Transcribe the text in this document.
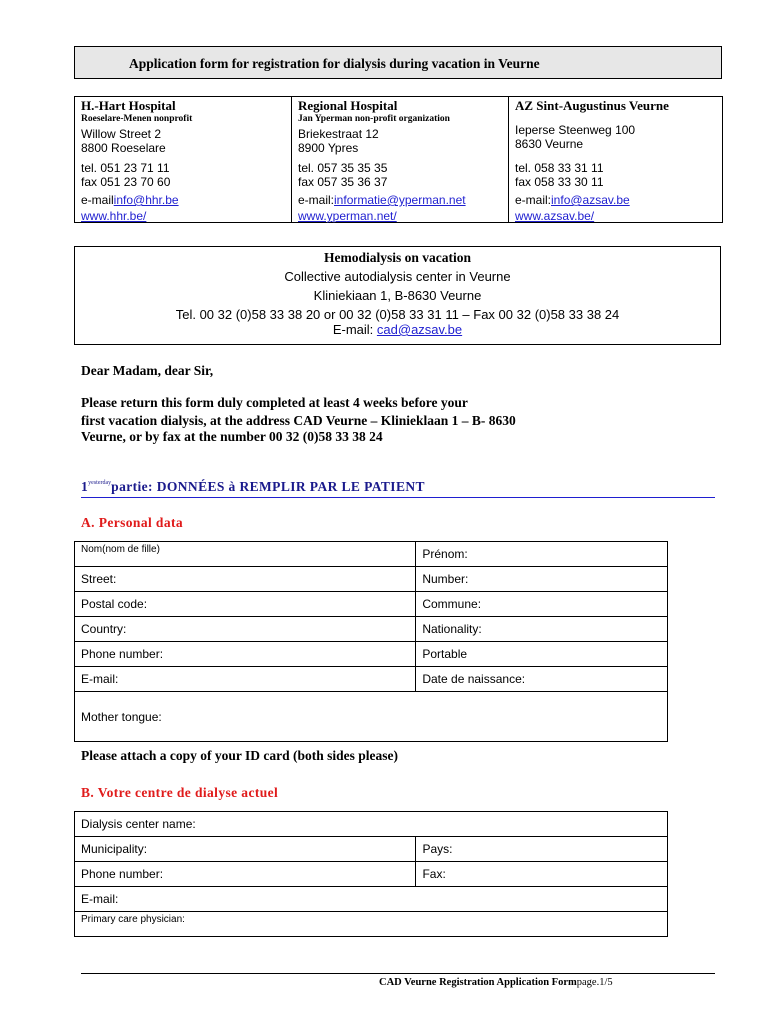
Application form for registration for dialysis during vacation in Veurne
H.-Hart Hospital
Roeselare-Menen nonprofit
Willow Street 2
8800 Roeselare
tel. 051 23 71 11
fax 051 23 70 60
e-mailinfo@hhr.be
www.hhr.be/
Regional Hospital
Jan Yperman non-profit organization
Briekestraat 12
8900 Ypres
tel. 057 35 35 35
fax 057 35 36 37
e-mail:informatie@yperman.net
www.yperman.net/
AZ Sint-Augustinus Veurne
Ieperse Steenweg 100
8630 Veurne
tel. 058 33 31 11
fax 058 33 30 11
e-mail:info@azsav.be
www.azsav.be/
Hemodialysis on vacation
Collective autodialysis center in Veurne
Kliniekiaan 1, B-8630 Veurne
Tel. 00 32 (0)58 33 38 20 or 00 32 (0)58 33 31 11 – Fax 00 32 (0)58 33 38 24
E-mail: cad@azsav.be
Dear Madam, dear Sir,
Please return this form duly completed at least 4 weeks before your
first vacation dialysis, at the address CAD Veurne – Klinieklaan 1 – B- 8630
Veurne, or by fax at the number 00 32 (0)58 33 38 24
$1^{yesterday}partie$: DONNÉES à REMPLIR PAR LE PATIENT
A. Personal data
Nom(nom de fille)	Prénom:
Street:	Number:
Postal code:	Commune:
Country:	Nationality:
Phone number:	Portable
E-mail:	Date de naissance:
Mother tongue:	
Please attach a copy of your ID card (both sides please)
B. Votre centre de dialyse actuel
Dialysis center name:	
Municipality:	Pays:
Phone number:	Fax:
E-mail:	
Primary care physician:	
CAD Veurne Registration Application Formpage.1/5
